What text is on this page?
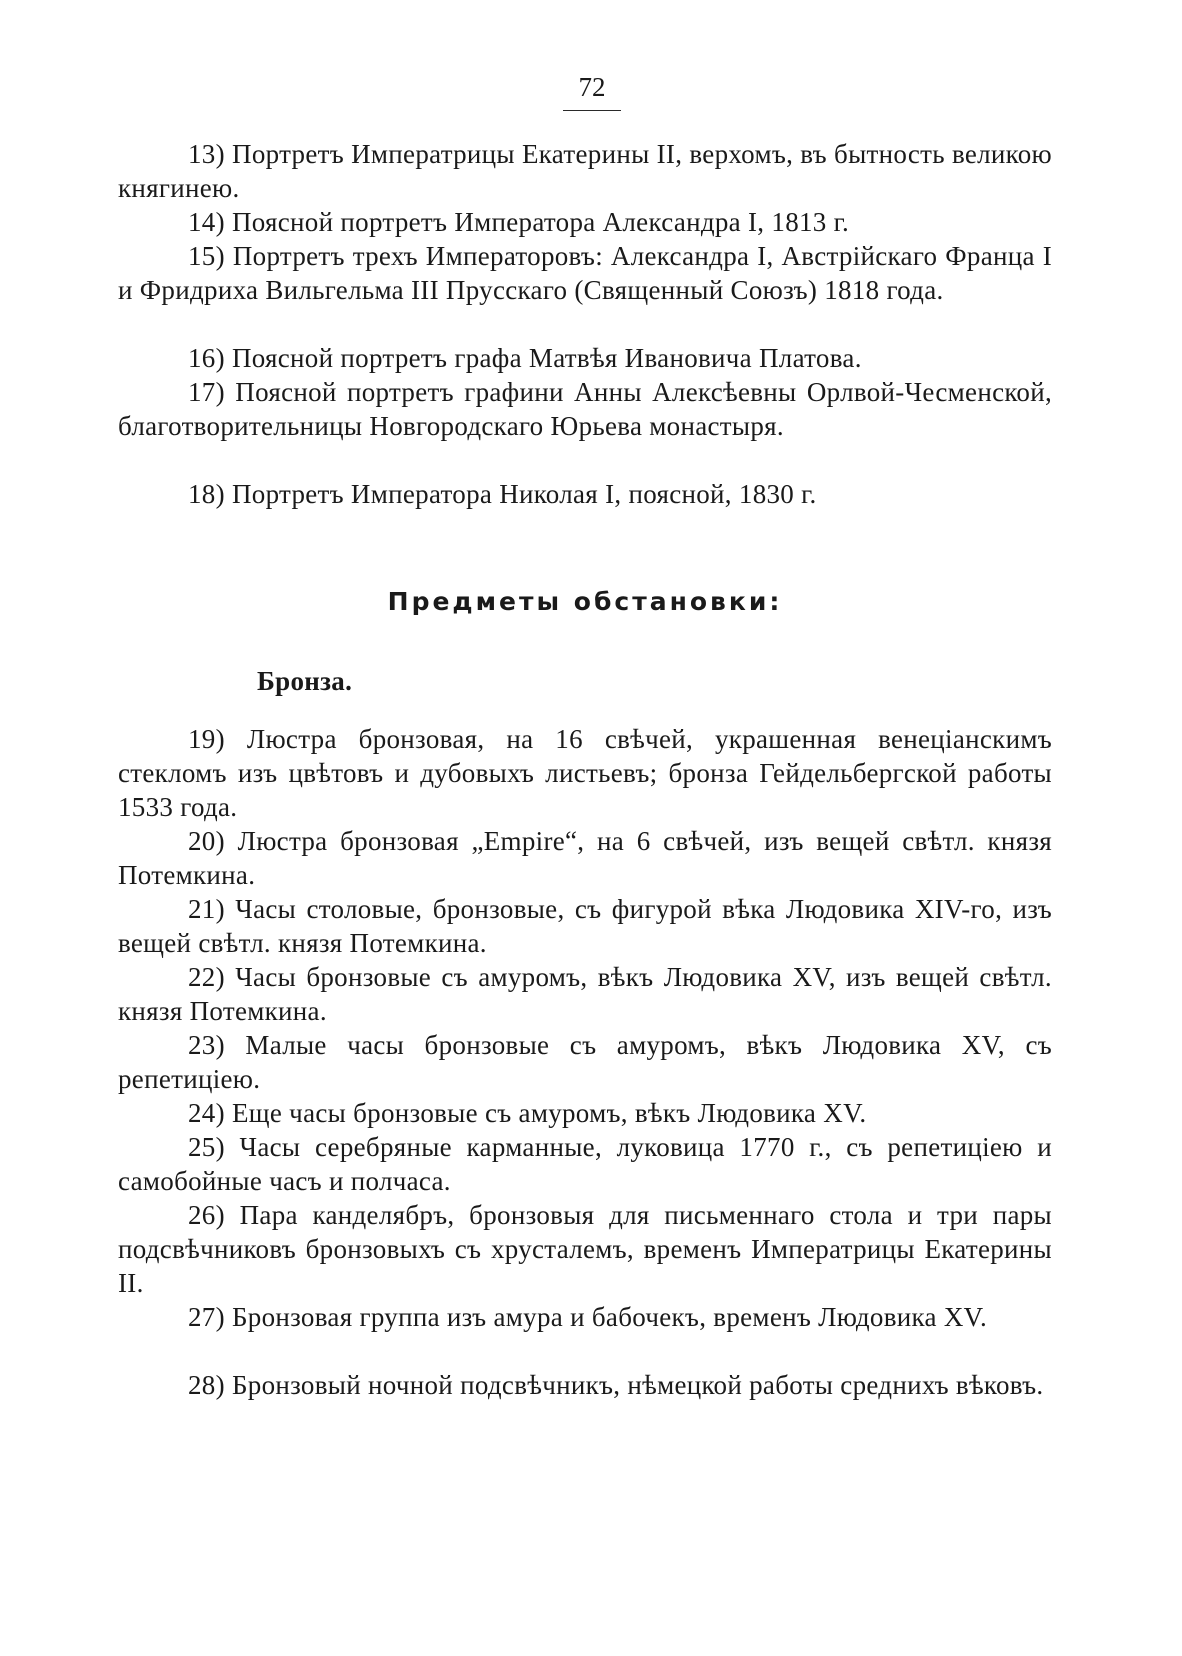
72

13) Портретъ Императрицы Екатерины II, верхомъ, въ бытность великою княгинею.

14) Поясной портретъ Императора Александра I, 1813 г.

15) Портретъ трехъ Императоровъ: Александра I, Австрійскаго Франца I и Фридриха Вильгельма III Прусскаго (Священный Союзъ) 1818 года.

16) Поясной портретъ графа Матвѣя Ивановича Платова.

17) Поясной портретъ графини Анны Алексѣевны Орлвой-Чесменской, благотворительницы Новгородскаго Юрьева монастыря.

18) Портретъ Императора Николая I, поясной, 1830 г.

Предметы обстановки:
Бронза.

19) Люстра бронзовая, на 16 свѣчей, украшенная венеціанскимъ стекломъ изъ цвѣтовъ и дубовыхъ листьевъ; бронза Гейдельбергской работы 1533 года.

20) Люстра бронзовая „Empire“, на 6 свѣчей, изъ вещей свѣтл. князя Потемкина.

21) Часы столовые, бронзовые, съ фигурой вѣка Людовика XIV-го, изъ вещей свѣтл. князя Потемкина.

22) Часы бронзовые съ амуромъ, вѣкъ Людовика XV, изъ вещей свѣтл. князя Потемкина.

23) Малые часы бронзовые съ амуромъ, вѣкъ Людовика XV, съ репетиціею.

24) Еще часы бронзовые съ амуромъ, вѣкъ Людовика XV.

25) Часы серебряные карманные, луковица 1770 г., съ репетиціею и самобойные часъ и полчаса.

26) Пара канделябръ, бронзовыя для письменнаго стола и три пары подсвѣчниковъ бронзовыхъ съ хрусталемъ, временъ Императрицы Екатерины II.

27) Бронзовая группа изъ амура и бабочекъ, временъ Людовика XV.

28) Бронзовый ночной подсвѣчникъ, нѣмецкой работы среднихъ вѣковъ.
